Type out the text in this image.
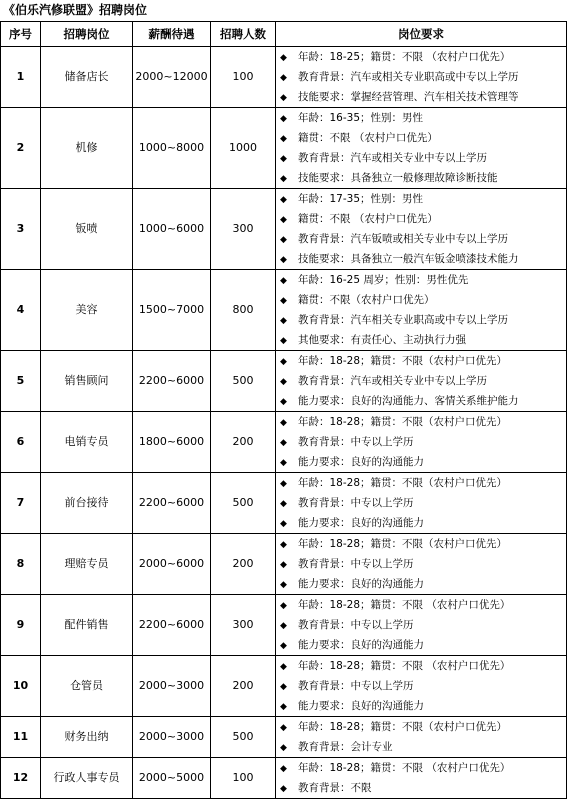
《伯乐汽修联盟》招聘岗位
序号	招聘岗位	薪酬待遇	招聘人数	岗位要求
1	储备店长	2000~12000	100	◆ 年龄：18-25；籍贯：不限 （农村户口优先）
◆ 教育背景：汽车或相关专业职高或中专以上学历
◆ 技能要求：掌握经营管理、汽车相关技术管理等

2	机修	1000~8000	1000	◆ 年龄：16-35；性别：男性
◆ 籍贯：不限 （农村户口优先）
◆ 教育背景：汽车或相关专业中专以上学历
◆ 技能要求：具备独立一般修理故障诊断技能

3	钣喷	1000~6000	300	◆ 年龄：17-35；性别：男性
◆ 籍贯：不限 （农村户口优先）
◆ 教育背景：汽车钣喷或相关专业中专以上学历
◆ 技能要求：具备独立一般汽车钣金喷漆技术能力

4	美容	1500~7000	800	◆ 年龄：16-25 周岁；性别：男性优先
◆ 籍贯：不限（农村户口优先）
◆ 教育背景：汽车相关专业职高或中专以上学历
◆ 其他要求：有责任心、主动执行力强

5	销售顾问	2200~6000	500	◆ 年龄：18-28；籍贯：不限（农村户口优先）
◆ 教育背景：汽车或相关专业中专以上学历
◆ 能力要求：良好的沟通能力、客情关系维护能力

6	电销专员	1800~6000	200	◆ 年龄：18-28；籍贯：不限（农村户口优先）
◆ 教育背景：中专以上学历
◆ 能力要求：良好的沟通能力

7	前台接待	2200~6000	500	◆ 年龄：18-28；籍贯：不限（农村户口优先）
◆ 教育背景：中专以上学历
◆ 能力要求：良好的沟通能力

8	理赔专员	2000~6000	200	◆ 年龄：18-28；籍贯：不限（农村户口优先）
◆ 教育背景：中专以上学历
◆ 能力要求：良好的沟通能力

9	配件销售	2200~6000	300	◆ 年龄：18-28；籍贯：不限 （农村户口优先）
◆ 教育背景：中专以上学历
◆ 能力要求：良好的沟通能力

10	仓管员	2000~3000	200	◆ 年龄：18-28；籍贯：不限 （农村户口优先）
◆ 教育背景：中专以上学历
◆ 能力要求：良好的沟通能力

11	财务出纳	2000~3000	500	◆ 年龄：18-28；籍贯：不限（农村户口优先）
◆ 教育背景：会计专业

12	行政人事专员	2000~5000	100	◆ 年龄：18-28；籍贯：不限 （农村户口优先）
◆ 教育背景：不限
